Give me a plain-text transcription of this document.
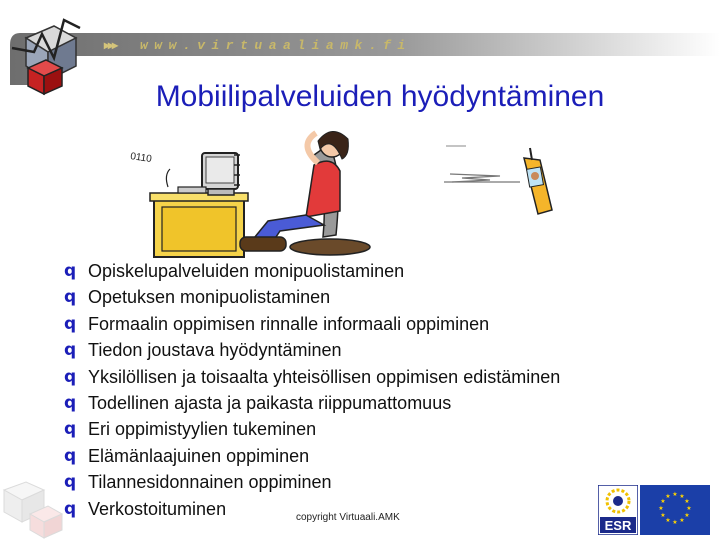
▸▸▸ www.virtuaaliamk.fi
Mobiilipalveluiden hyödyntäminen
0110
q Opiskelupalveluiden monipuolistaminen
q Opetuksen monipuolistaminen
q Formaalin oppimisen rinnalle informaali oppiminen
q Tiedon joustava hyödyntäminen
q Yksilöllisen ja toisaalta yhteisöllisen oppimisen edistäminen
q Todellinen ajasta ja paikasta riippumattomuus
q Eri oppimistyylien tukeminen
q Elämänlaajuinen oppiminen
q Tilannesidonnainen oppiminen
q Verkostoituminen	copyright Virtuaali.AMK
ESR
★ ★
★
★
★
★
★
★
★
★
★
★
